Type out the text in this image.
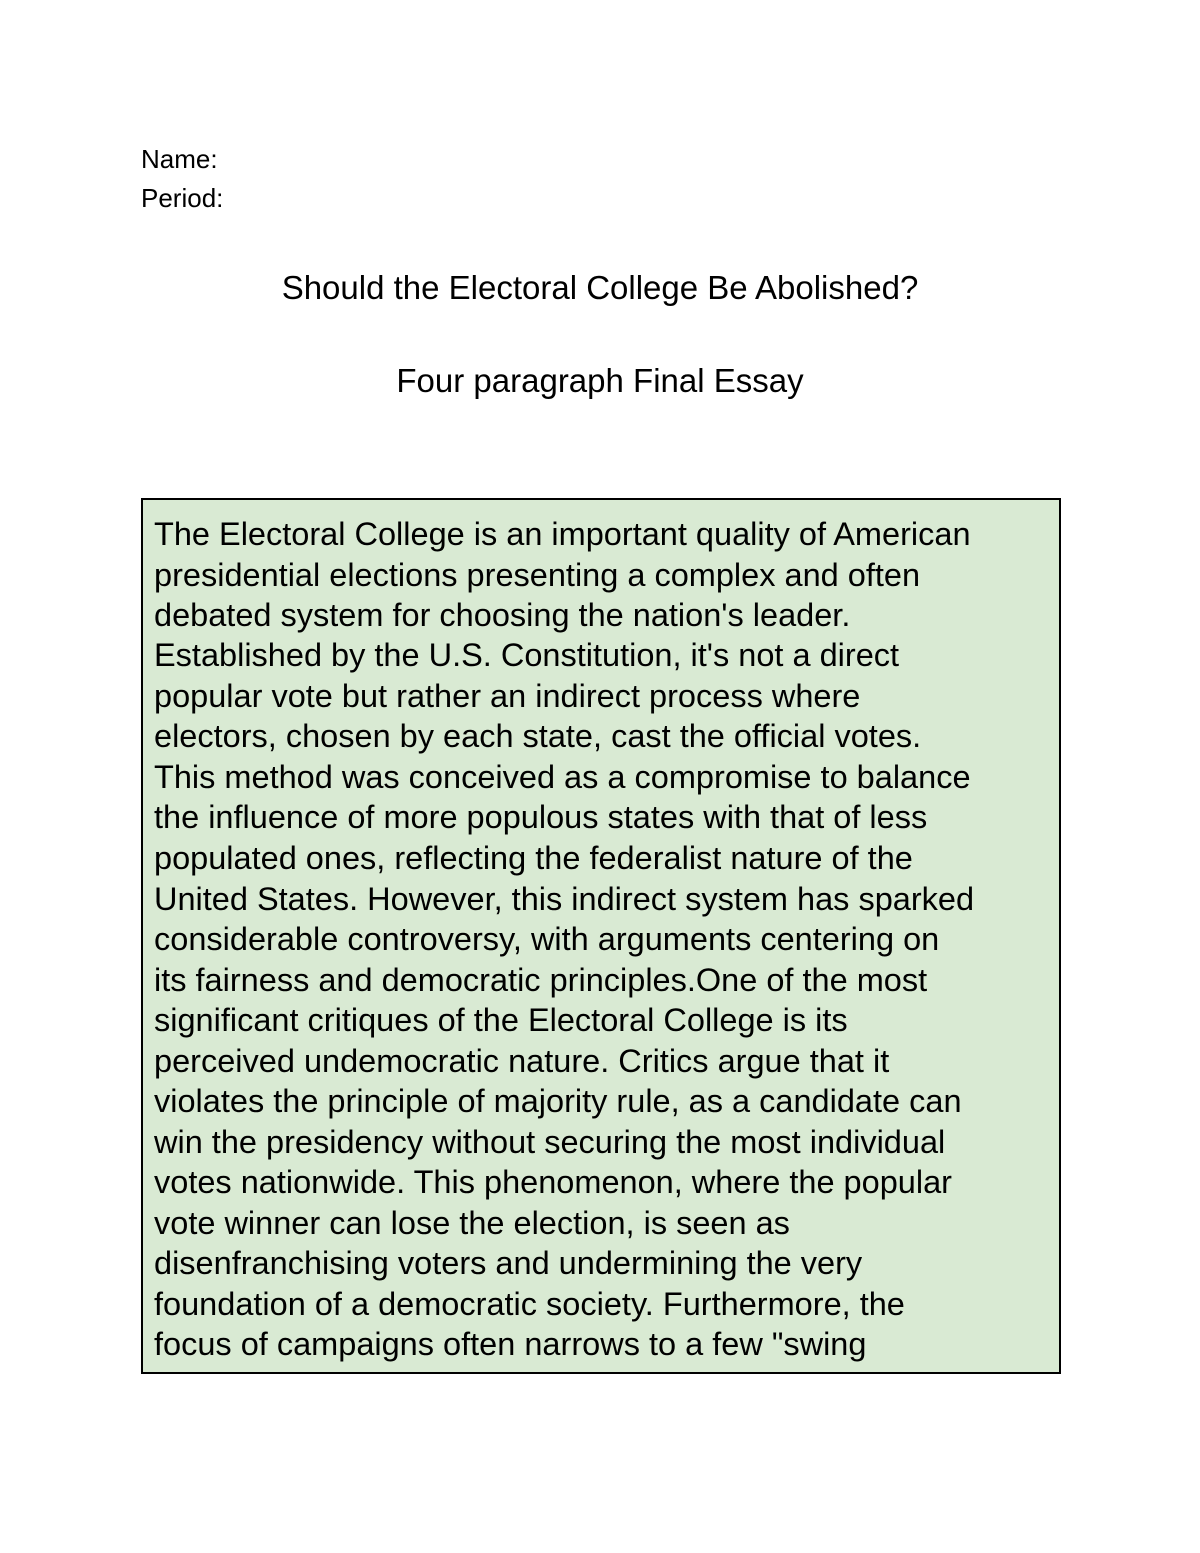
Name:

Period:

Should the Electoral College Be Abolished?
Four paragraph Final Essay

The Electoral College is an important quality of American

presidential elections presenting a complex and often

debated system for choosing the nation's leader.

Established by the U.S. Constitution, it's not a direct

popular vote but rather an indirect process where

electors, chosen by each state, cast the official votes.

This method was conceived as a compromise to balance

the influence of more populous states with that of less

populated ones, reflecting the federalist nature of the

United States. However, this indirect system has sparked

considerable controversy, with arguments centering on

its fairness and democratic principles.One of the most

significant critiques of the Electoral College is its

perceived undemocratic nature. Critics argue that it

violates the principle of majority rule, as a candidate can

win the presidency without securing the most individual

votes nationwide. This phenomenon, where the popular

vote winner can lose the election, is seen as

disenfranchising voters and undermining the very

foundation of a democratic society. Furthermore, the

focus of campaigns often narrows to a few "swing
